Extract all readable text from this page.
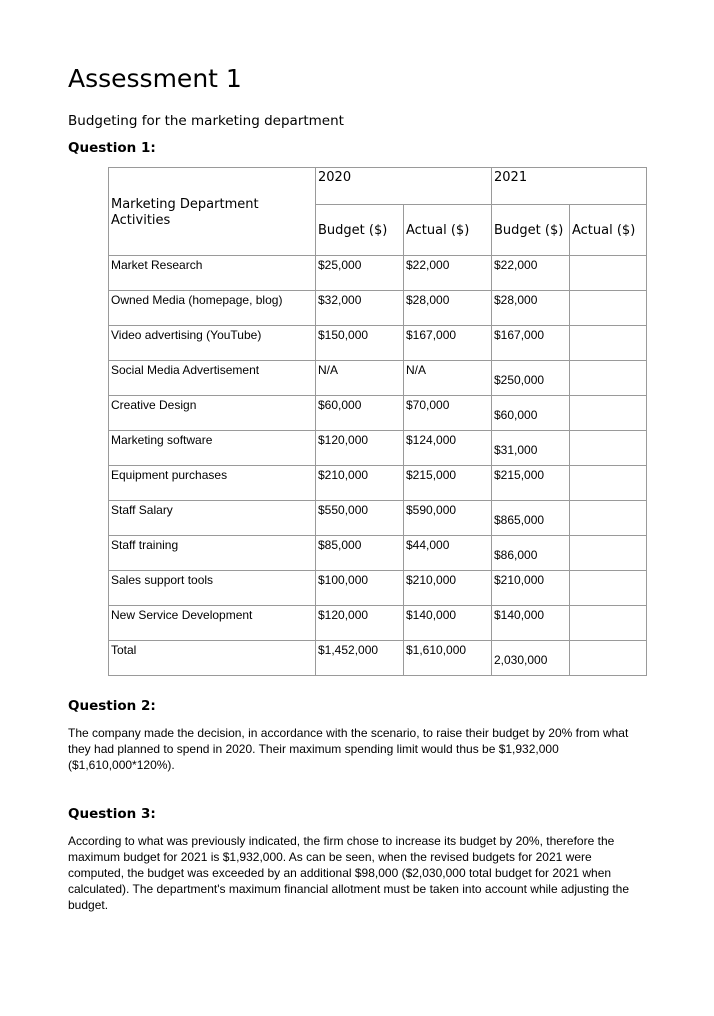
Assessment 1
Budgeting for the marketing department
Question 1:
Marketing Department Activities	2020		2021	
	Budget ($)	Actual ($)	Budget ($)	Actual ($)
Market Research	$25,000	$22,000	$22,000	
Owned Media (homepage, blog)	$32,000	$28,000	$28,000	
Video advertising (YouTube)	$150,000	$167,000	$167,000	
Social Media Advertisement	N/A	N/A	$250,000	
Creative Design	$60,000	$70,000	$60,000	
Marketing software	$120,000	$124,000	$31,000	
Equipment purchases	$210,000	$215,000	$215,000	
Staff Salary	$550,000	$590,000	$865,000	
Staff training	$85,000	$44,000	$86,000	
Sales support tools	$100,000	$210,000	$210,000	
New Service Development	$120,000	$140,000	$140,000	
Total	$1,452,000	$1,610,000	2,030,000	
Question 2:

The company made the decision, in accordance with the scenario, to raise their budget by 20% from what they had planned to spend in 2020. Their maximum spending limit would thus be $1,932,000 ($1,610,000*120%).

Question 3:

According to what was previously indicated, the firm chose to increase its budget by 20%, therefore the maximum budget for 2021 is $1,932,000. As can be seen, when the revised budgets for 2021 were computed, the budget was exceeded by an additional $98,000 ($2,030,000 total budget for 2021 when calculated). The department's maximum financial allotment must be taken into account while adjusting the budget.
